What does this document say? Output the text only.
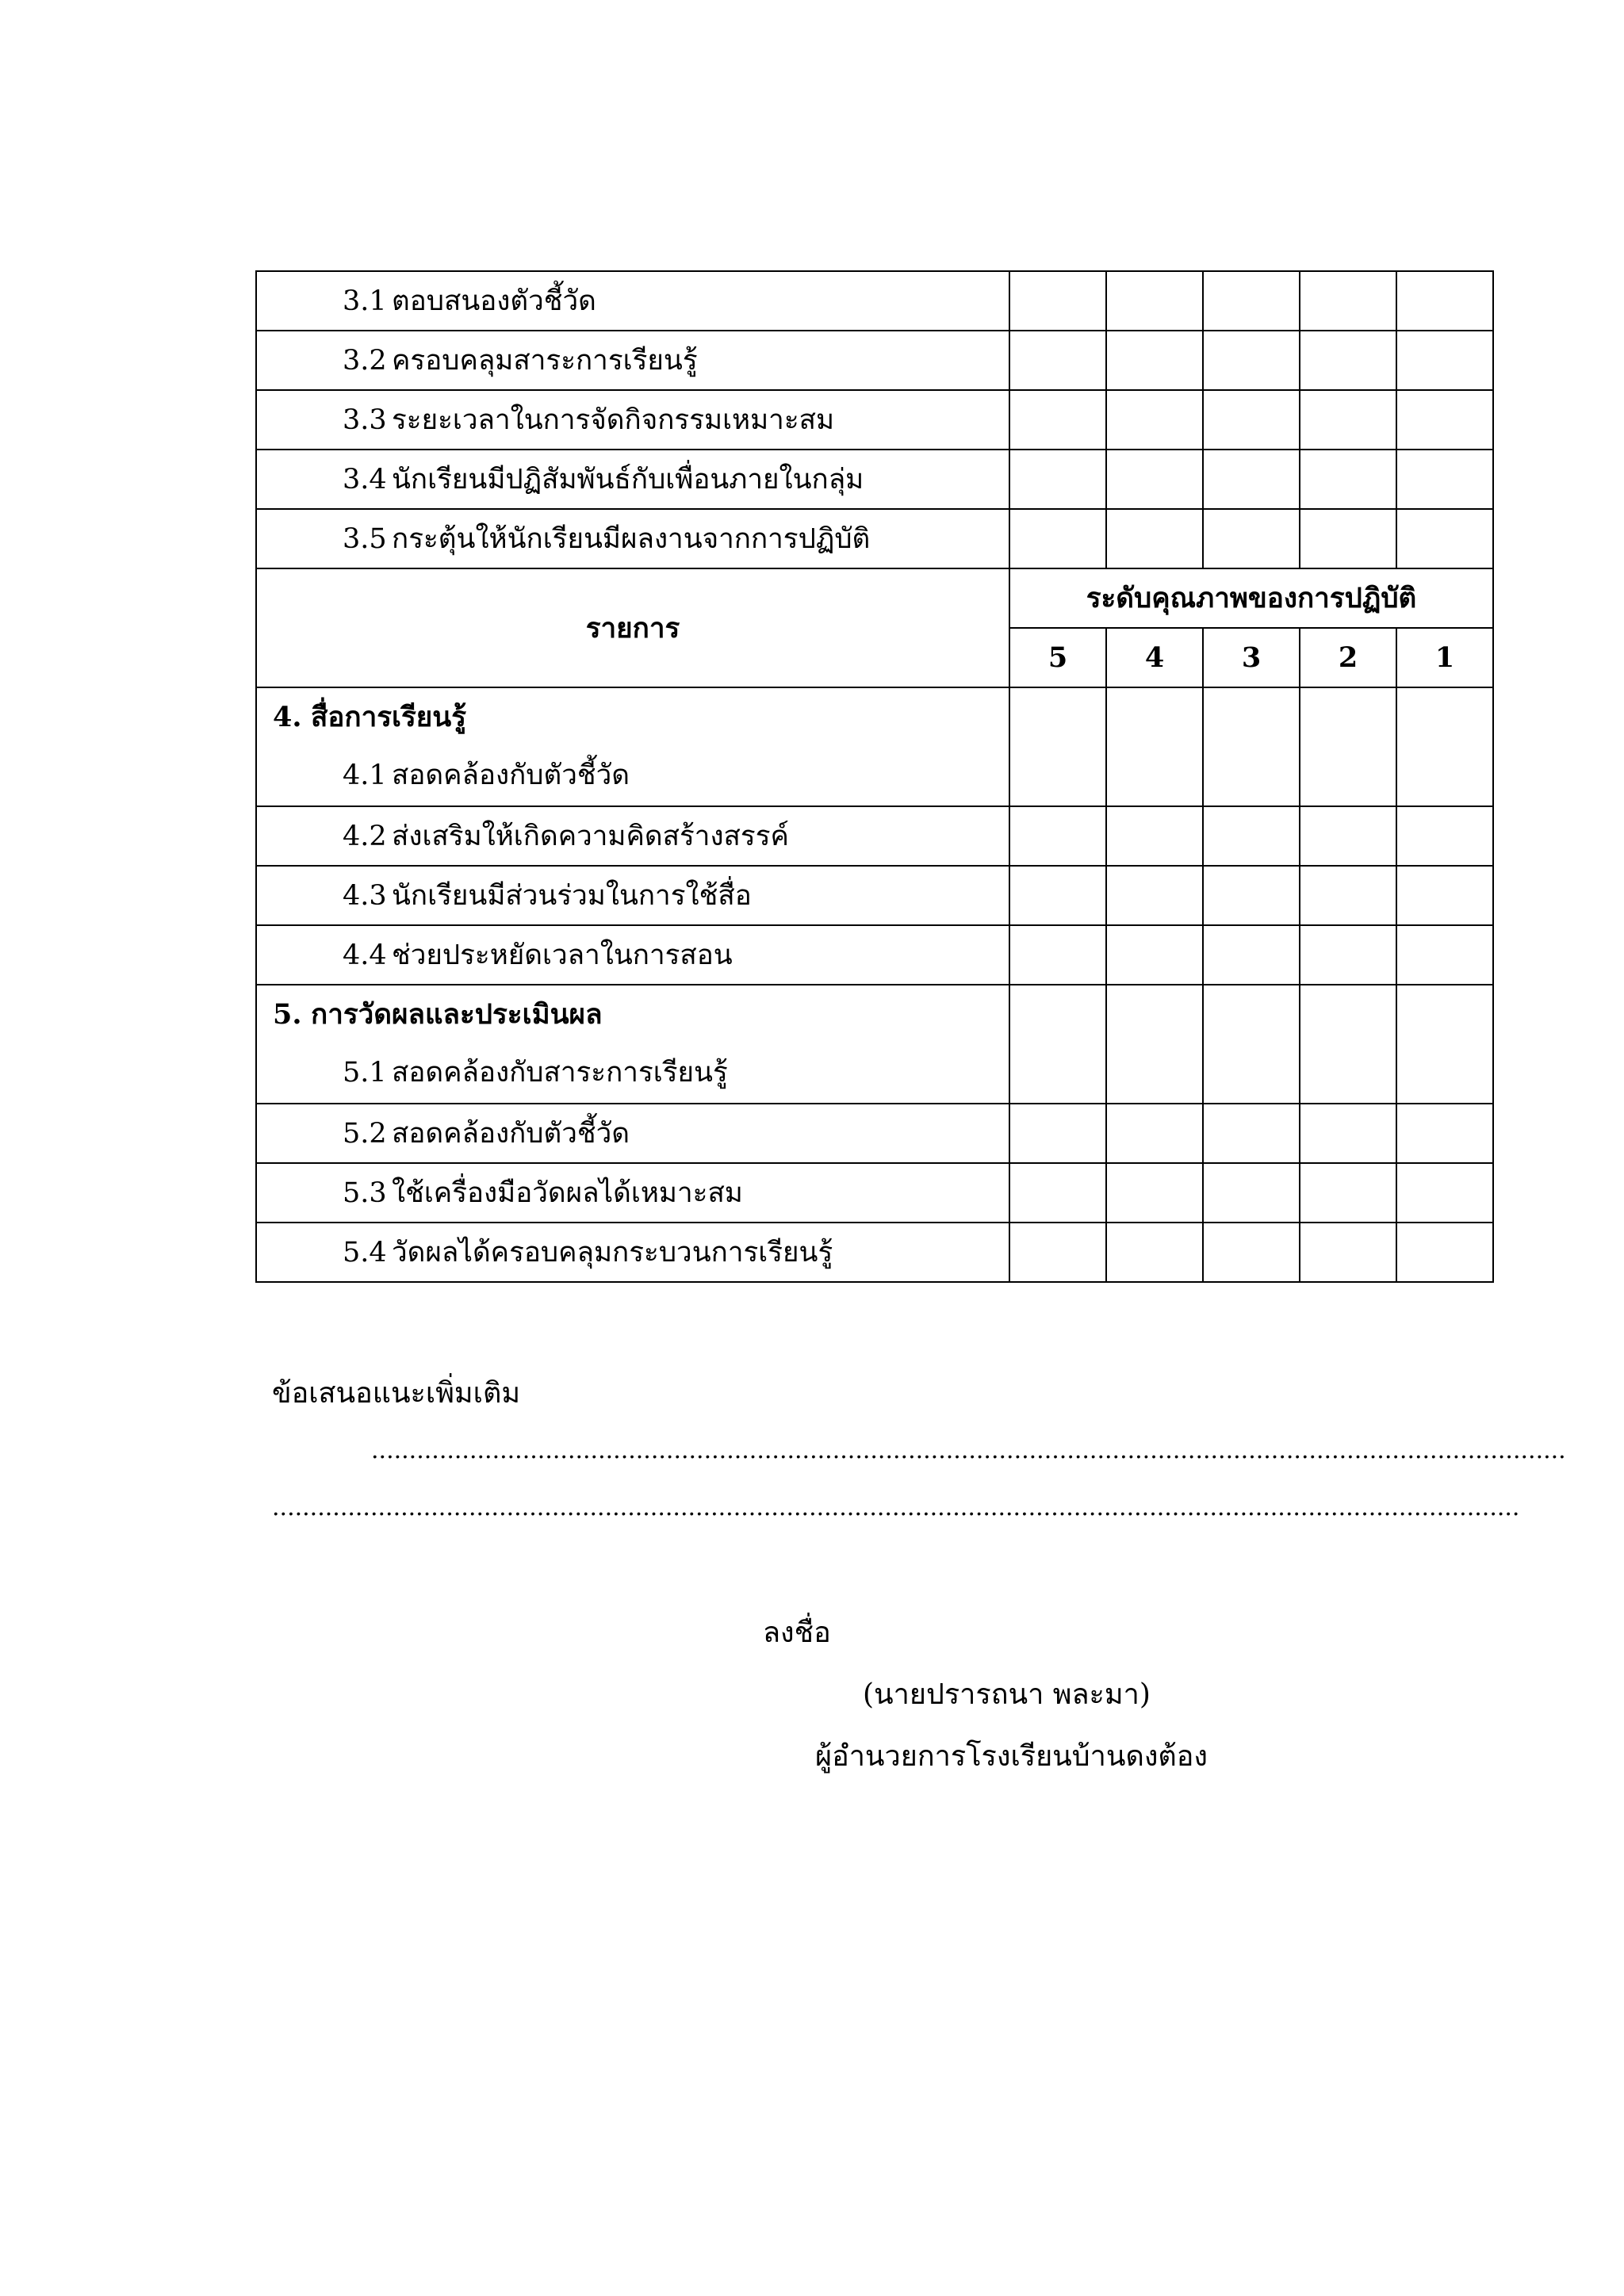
3.1 ตอบสนองตัวชี้วัด					
3.2 ครอบคลุมสาระการเรียนรู้					
3.3 ระยะเวลาในการจัดกิจกรรมเหมาะสม					
3.4 นักเรียนมีปฏิสัมพันธ์กับเพื่อนภายในกลุ่ม					
3.5 กระตุ้นให้นักเรียนมีผลงานจากการปฏิบัติ					
รายการ	ระดับคุณภาพของการปฏิบัติ				
	5	4	3	2	1

4. สื่อการเรียนรู้
4.1 สอดคล้องกับตัวชี้วัด					

4.2 ส่งเสริมให้เกิดความคิดสร้างสรรค์					
4.3 นักเรียนมีส่วนร่วมในการใช้สื่อ					
4.4 ช่วยประหยัดเวลาในการสอน					

5. การวัดผลและประเมินผล
5.1 สอดคล้องกับสาระการเรียนรู้					

5.2 สอดคล้องกับตัวชี้วัด					
5.3 ใช้เครื่องมือวัดผลได้เหมาะสม					
5.4 วัดผลได้ครอบคลุมกระบวนการเรียนรู้					
ข้อเสนอแนะเพิ่มเติม
..............................................................................................................................................................
.....................................................................................................................................................................
ลงชื่อ
(นายปรารถนา พละมา)
ผู้อำนวยการโรงเรียนบ้านดงต้อง
